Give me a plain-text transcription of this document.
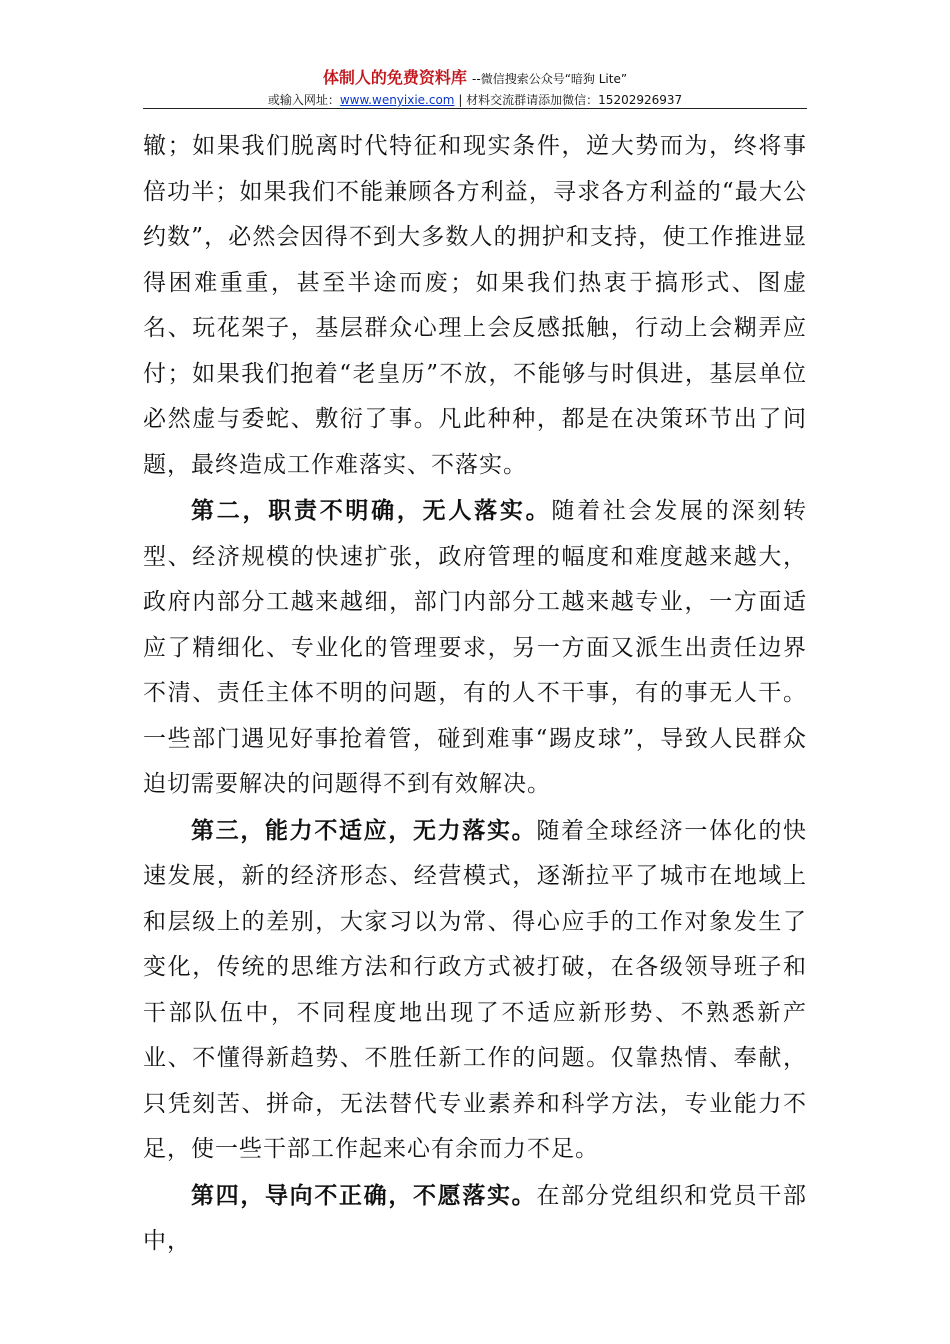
体制人的免费资料库 --微信搜索公众号“暗狗 Lite”
或输入网址：www.wenyixie.com | 材料交流群请添加微信：15202926937

辙；如果我们脱离时代特征和现实条件，逆大势而为，终将事倍功半；如果我们不能兼顾各方利益，寻求各方利益的“最大公约数”，必然会因得不到大多数人的拥护和支持，使工作推进显得困难重重，甚至半途而废；如果我们热衷于搞形式、图虚名、玩花架子，基层群众心理上会反感抵触，行动上会糊弄应付；如果我们抱着“老皇历”不放，不能够与时俱进，基层单位必然虚与委蛇、敷衍了事。凡此种种，都是在决策环节出了问题，最终造成工作难落实、不落实。

第二，职责不明确，无人落实。随着社会发展的深刻转型、经济规模的快速扩张，政府管理的幅度和难度越来越大，政府内部分工越来越细，部门内部分工越来越专业，一方面适应了精细化、专业化的管理要求，另一方面又派生出责任边界不清、责任主体不明的问题，有的人不干事，有的事无人干。一些部门遇见好事抢着管，碰到难事“踢皮球”，导致人民群众迫切需要解决的问题得不到有效解决。

第三，能力不适应，无力落实。随着全球经济一体化的快速发展，新的经济形态、经营模式，逐渐拉平了城市在地域上和层级上的差别，大家习以为常、得心应手的工作对象发生了变化，传统的思维方法和行政方式被打破，在各级领导班子和干部队伍中，不同程度地出现了不适应新形势、不熟悉新产业、不懂得新趋势、不胜任新工作的问题。仅靠热情、奉献，只凭刻苦、拼命，无法替代专业素养和科学方法，专业能力不足，使一些干部工作起来心有余而力不足。

第四，导向不正确，不愿落实。在部分党组织和党员干部中，
